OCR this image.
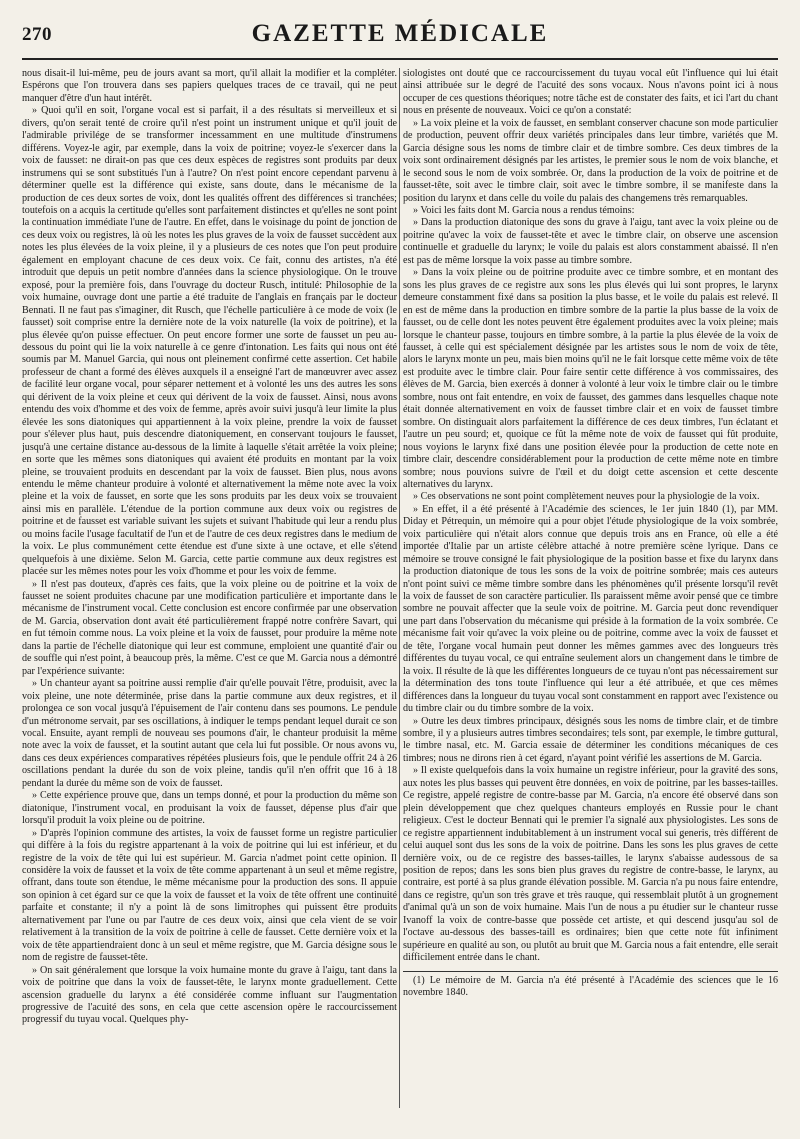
270	GAZETTE MÉDICALE

nous disait-il lui-même, peu de jours avant sa mort, qu'il allait la modifier et la compléter. Espérons que l'on trouvera dans ses papiers quelques traces de ce travail, qui ne peut manquer d'être d'un haut intérêt.

» Quoi qu'il en soit, l'organe vocal est si parfait, il a des résultats si merveilleux et si divers, qu'on serait tenté de croire qu'il n'est point un instrument unique et qu'il jouit de l'admirable privilége de se transformer incessamment en une multitude d'instrumens différens. Voyez-le agir, par exemple, dans la voix de poitrine; voyez-le s'exercer dans la voix de fausset: ne dirait-on pas que ces deux espèces de registres sont produits par deux instrumens qui se sont substitués l'un à l'autre? On n'est point encore cependant parvenu à déterminer quelle est la différence qui existe, sans doute, dans le mécanisme de la production de ces deux sortes de voix, dont les qualités offrent des différences si tranchées; toutefois on a acquis la certitude qu'elles sont parfaitement distinctes et qu'elles ne sont point la continuation immédiate l'une de l'autre. En effet, dans le voisinage du point de jonction de ces deux voix ou registres, là où les notes les plus graves de la voix de fausset succèdent aux notes les plus élevées de la voix pleine, il y a plusieurs de ces notes que l'on peut produire également en employant chacune de ces deux voix. Ce fait, connu des artistes, n'a été introduit que depuis un petit nombre d'années dans la science physiologique. On le trouve exposé, pour la première fois, dans l'ouvrage du docteur Rusch, intitulé: Philosophie de la voix humaine, ouvrage dont une partie a été traduite de l'anglais en français par le docteur Bennati. Il ne faut pas s'imaginer, dit Rusch, que l'échelle particulière à ce mode de voix (le fausset) soit comprise entre la dernière note de la voix naturelle (la voix de poitrine), et la plus élevée qu'on puisse effectuer. On peut encore former une sorte de fausset un peu au-dessous du point qui lie la voix naturelle à ce genre d'intonation. Les faits qui nous ont été soumis par M. Manuel Garcia, qui nous ont pleinement confirmé cette assertion. Cet habile professeur de chant a formé des élèves auxquels il a enseigné l'art de manœuvrer avec assez de facilité leur organe vocal, pour séparer nettement et à volonté les uns des autres les sons qui dérivent de la voix pleine et ceux qui dérivent de la voix de fausset. Ainsi, nous avons entendu des voix d'homme et des voix de femme, après avoir suivi jusqu'à leur limite la plus élevée les sons diatoniques qui appartiennent à la voix pleine, prendre la voix de fausset pour s'élever plus haut, puis descendre diatoniquement, en conservant toujours le fausset, jusqu'à une certaine distance au-dessous de la limite à laquelle s'était arrêtée la voix pleine; en sorte que les mêmes sons diatoniques qui avaient été produits en montant par la voix pleine, se trouvaient produits en descendant par la voix de fausset. Bien plus, nous avons entendu le même chanteur produire à volonté et alternativement la même note avec la voix pleine et la voix de fausset, en sorte que les sons produits par les deux voix se trouvaient ainsi mis en parallèle. L'étendue de la portion commune aux deux voix ou registres de poitrine et de fausset est variable suivant les sujets et suivant l'habitude qui leur a rendu plus ou moins facile l'usage facultatif de l'un et de l'autre de ces deux registres dans le medium de la voix. Le plus communément cette étendue est d'une sixte à une octave, et elle s'étend quelquefois à une dixième. Selon M. Garcia, cette partie commune aux deux registres est placée sur les mêmes notes pour les voix d'homme et pour les voix de femme.

» Il n'est pas douteux, d'après ces faits, que la voix pleine ou de poitrine et la voix de fausset ne soient produites chacune par une modification particulière et importante dans le mécanisme de l'instrument vocal. Cette conclusion est encore confirmée par une observation de M. Garcia, observation dont avait été particulièrement frappé notre confrère Savart, qui en fut témoin comme nous. La voix pleine et la voix de fausset, pour produire la même note dans la partie de l'échelle diatonique qui leur est commune, emploient une quantité d'air ou de souffle qui n'est point, à beaucoup près, la même. C'est ce que M. Garcia nous a démontré par l'expérience suivante:

» Un chanteur ayant sa poitrine aussi remplie d'air qu'elle pouvait l'être, produisit, avec la voix pleine, une note déterminée, prise dans la partie commune aux deux registres, et il prolongea ce son vocal jusqu'à l'épuisement de l'air contenu dans ses poumons. Le pendule d'un métronome servait, par ses oscillations, à indiquer le temps pendant lequel durait ce son vocal. Ensuite, ayant rempli de nouveau ses poumons d'air, le chanteur produisit la même note avec la voix de fausset, et la soutint autant que cela lui fut possible. Or nous avons vu, dans ces deux expériences comparatives répétées plusieurs fois, que le pendule offrit 24 à 26 oscillations pendant la durée du son de voix pleine, tandis qu'il n'en offrit que 16 à 18 pendant la durée du même son de voix de fausset.

» Cette expérience prouve que, dans un temps donné, et pour la production du même son diatonique, l'instrument vocal, en produisant la voix de fausset, dépense plus d'air que lorsqu'il produit la voix pleine ou de poitrine.

» D'après l'opinion commune des artistes, la voix de fausset forme un registre particulier qui diffère à la fois du registre appartenant à la voix de poitrine qui lui est inférieur, et du registre de la voix de tête qui lui est supérieur. M. Garcia n'admet point cette opinion. Il considère la voix de fausset et la voix de tête comme appartenant à un seul et même registre, offrant, dans toute son étendue, le même mécanisme pour la production des sons. Il appuie son opinion à cet égard sur ce que la voix de fausset et la voix de tête offrent une continuité parfaite et constante; il n'y a point là de sons limitrophes qui puissent être produits alternativement par l'une ou par l'autre de ces deux voix, ainsi que cela vient de se voir relativement à la transition de la voix de poitrine à celle de fausset. Cette dernière voix et la voix de tête appartiendraient donc à un seul et même registre, que M. Garcia désigne sous le nom de registre de fausset-tête.

» On sait généralement que lorsque la voix humaine monte du grave à l'aigu, tant dans la voix de poitrine que dans la voix de fausset-tête, le larynx monte graduellement. Cette ascension graduelle du larynx a été considérée comme influant sur l'augmentation progressive de l'acuité des sons, en cela que cette ascension opère le raccourcissement progressif du tuyau vocal. Quelques phy-

siologistes ont douté que ce raccourcissement du tuyau vocal eût l'influence qui lui était ainsi attribuée sur le degré de l'acuité des sons vocaux. Nous n'avons point ici à nous occuper de ces questions théoriques; notre tâche est de constater des faits, et ici l'art du chant nous en présente de nouveaux. Voici ce qu'on a constaté:

» La voix pleine et la voix de fausset, en semblant conserver chacune son mode particulier de production, peuvent offrir deux variétés principales dans leur timbre, variétés que M. Garcia désigne sous les noms de timbre clair et de timbre sombre. Ces deux timbres de la voix sont ordinairement désignés par les artistes, le premier sous le nom de voix blanche, et le second sous le nom de voix sombrée. Or, dans la production de la voix de poitrine et de fausset-tête, soit avec le timbre clair, soit avec le timbre sombre, il se manifeste dans la position du larynx et dans celle du voile du palais des changemens très remarquables.

» Voici les faits dont M. Garcia nous a rendus témoins:

» Dans la production diatonique des sons du grave à l'aigu, tant avec la voix pleine ou de poitrine qu'avec la voix de fausset-tête et avec le timbre clair, on observe une ascension continuelle et graduelle du larynx; le voile du palais est alors constamment abaissé. Il n'en est pas de même lorsque la voix passe au timbre sombre.

» Dans la voix pleine ou de poitrine produite avec ce timbre sombre, et en montant des sons les plus graves de ce registre aux sons les plus élevés qui lui sont propres, le larynx demeure constamment fixé dans sa position la plus basse, et le voile du palais est relevé. Il en est de même dans la production en timbre sombre de la partie la plus basse de la voix de fausset, ou de celle dont les notes peuvent être également produites avec la voix pleine; mais lorsque le chanteur passe, toujours en timbre sombre, à la partie la plus élevée de la voix de fausset, à celle qui est spécialement désignée par les artistes sous le nom de voix de tête, alors le larynx monte un peu, mais bien moins qu'il ne le fait lorsque cette même voix de tête est produite avec le timbre clair. Pour faire sentir cette différence à vos commissaires, des élèves de M. Garcia, bien exercés à donner à volonté à leur voix le timbre clair ou le timbre sombre, nous ont fait entendre, en voix de fausset, des gammes dans lesquelles chaque note était donnée alternativement en voix de fausset timbre clair et en voix de fausset timbre sombre. On distinguait alors parfaitement la différence de ces deux timbres, l'un éclatant et l'autre un peu sourd; et, quoique ce fût la même note de voix de fausset qui fût produite, nous voyions le larynx fixé dans une position élevée pour la production de cette note en timbre clair, descendre considérablement pour la production de cette même note en timbre sombre; nous pouvions suivre de l'œil et du doigt cette ascension et cette descente alternatives du larynx.

» Ces observations ne sont point complètement neuves pour la physiologie de la voix.

» En effet, il a été présenté à l'Académie des sciences, le 1er juin 1840 (1), par MM. Diday et Pétrequin, un mémoire qui a pour objet l'étude physiologique de la voix sombrée, voix particulière qui n'était alors connue que depuis trois ans en France, où elle a été importée d'Italie par un artiste célèbre attaché à notre première scène lyrique. Dans ce mémoire se trouve consigné le fait physiologique de la position basse et fixe du larynx dans la production diatonique de tous les sons de la voix de poitrine sombrée; mais ces auteurs n'ont point suivi ce même timbre sombre dans les phénomènes qu'il présente lorsqu'il revêt la voix de fausset de son caractère particulier. Ils paraissent même avoir pensé que ce timbre sombre ne pouvait affecter que la seule voix de poitrine. M. Garcia peut donc revendiquer une part dans l'observation du mécanisme qui préside à la formation de la voix sombrée. Ce mécanisme fait voir qu'avec la voix pleine ou de poitrine, comme avec la voix de fausset et de tête, l'organe vocal humain peut donner les mêmes gammes avec des longueurs très différentes du tuyau vocal, ce qui entraîne seulement alors un changement dans le timbre de la voix. Il résulte de là que les différentes longueurs de ce tuyau n'ont pas nécessairement sur la détermination des tons toute l'influence qui leur a été attribuée, et que ces mêmes différences dans la longueur du tuyau vocal sont constamment en rapport avec l'existence ou du timbre clair ou du timbre sombre de la voix.

» Outre les deux timbres principaux, désignés sous les noms de timbre clair, et de timbre sombre, il y a plusieurs autres timbres secondaires; tels sont, par exemple, le timbre guttural, le timbre nasal, etc. M. Garcia essaie de déterminer les conditions mécaniques de ces timbres; nous ne dirons rien à cet égard, n'ayant point vérifié les assertions de M. Garcia.

» Il existe quelquefois dans la voix humaine un registre inférieur, pour la gravité des sons, aux notes les plus basses qui peuvent être données, en voix de poitrine, par les basses-tailles. Ce registre, appelé registre de contre-basse par M. Garcia, n'a encore été observé dans son plein développement que chez quelques chanteurs employés en Russie pour le chant religieux. C'est le docteur Bennati qui le premier l'a signalé aux physiologistes. Les sons de ce registre appartiennent indubitablement à un instrument vocal sui generis, très différent de celui auquel sont dus les sons de la voix de poitrine. Dans les sons les plus graves de cette dernière voix, ou de ce registre des basses-tailles, le larynx s'abaisse audessous de sa position de repos; dans les sons bien plus graves du registre de contre-basse, le larynx, au contraire, est porté à sa plus grande élévation possible. M. Garcia n'a pu nous faire entendre, dans ce registre, qu'un son très grave et très rauque, qui ressemblait plutôt à un grognement d'animal qu'à un son de voix humaine. Mais l'un de nous a pu étudier sur le chanteur russe Ivanoff la voix de contre-basse que possède cet artiste, et qui descend jusqu'au sol de l'octave au-dessous des basses-taill es ordinaires; bien que cette note fût infiniment supérieure en qualité au son, ou plutôt au bruit que M. Garcia nous a fait entendre, elle serait difficilement entrée dans le chant.

(1) Le mémoire de M. Garcia n'a été présenté à l'Académie des sciences que le 16 novembre 1840.
